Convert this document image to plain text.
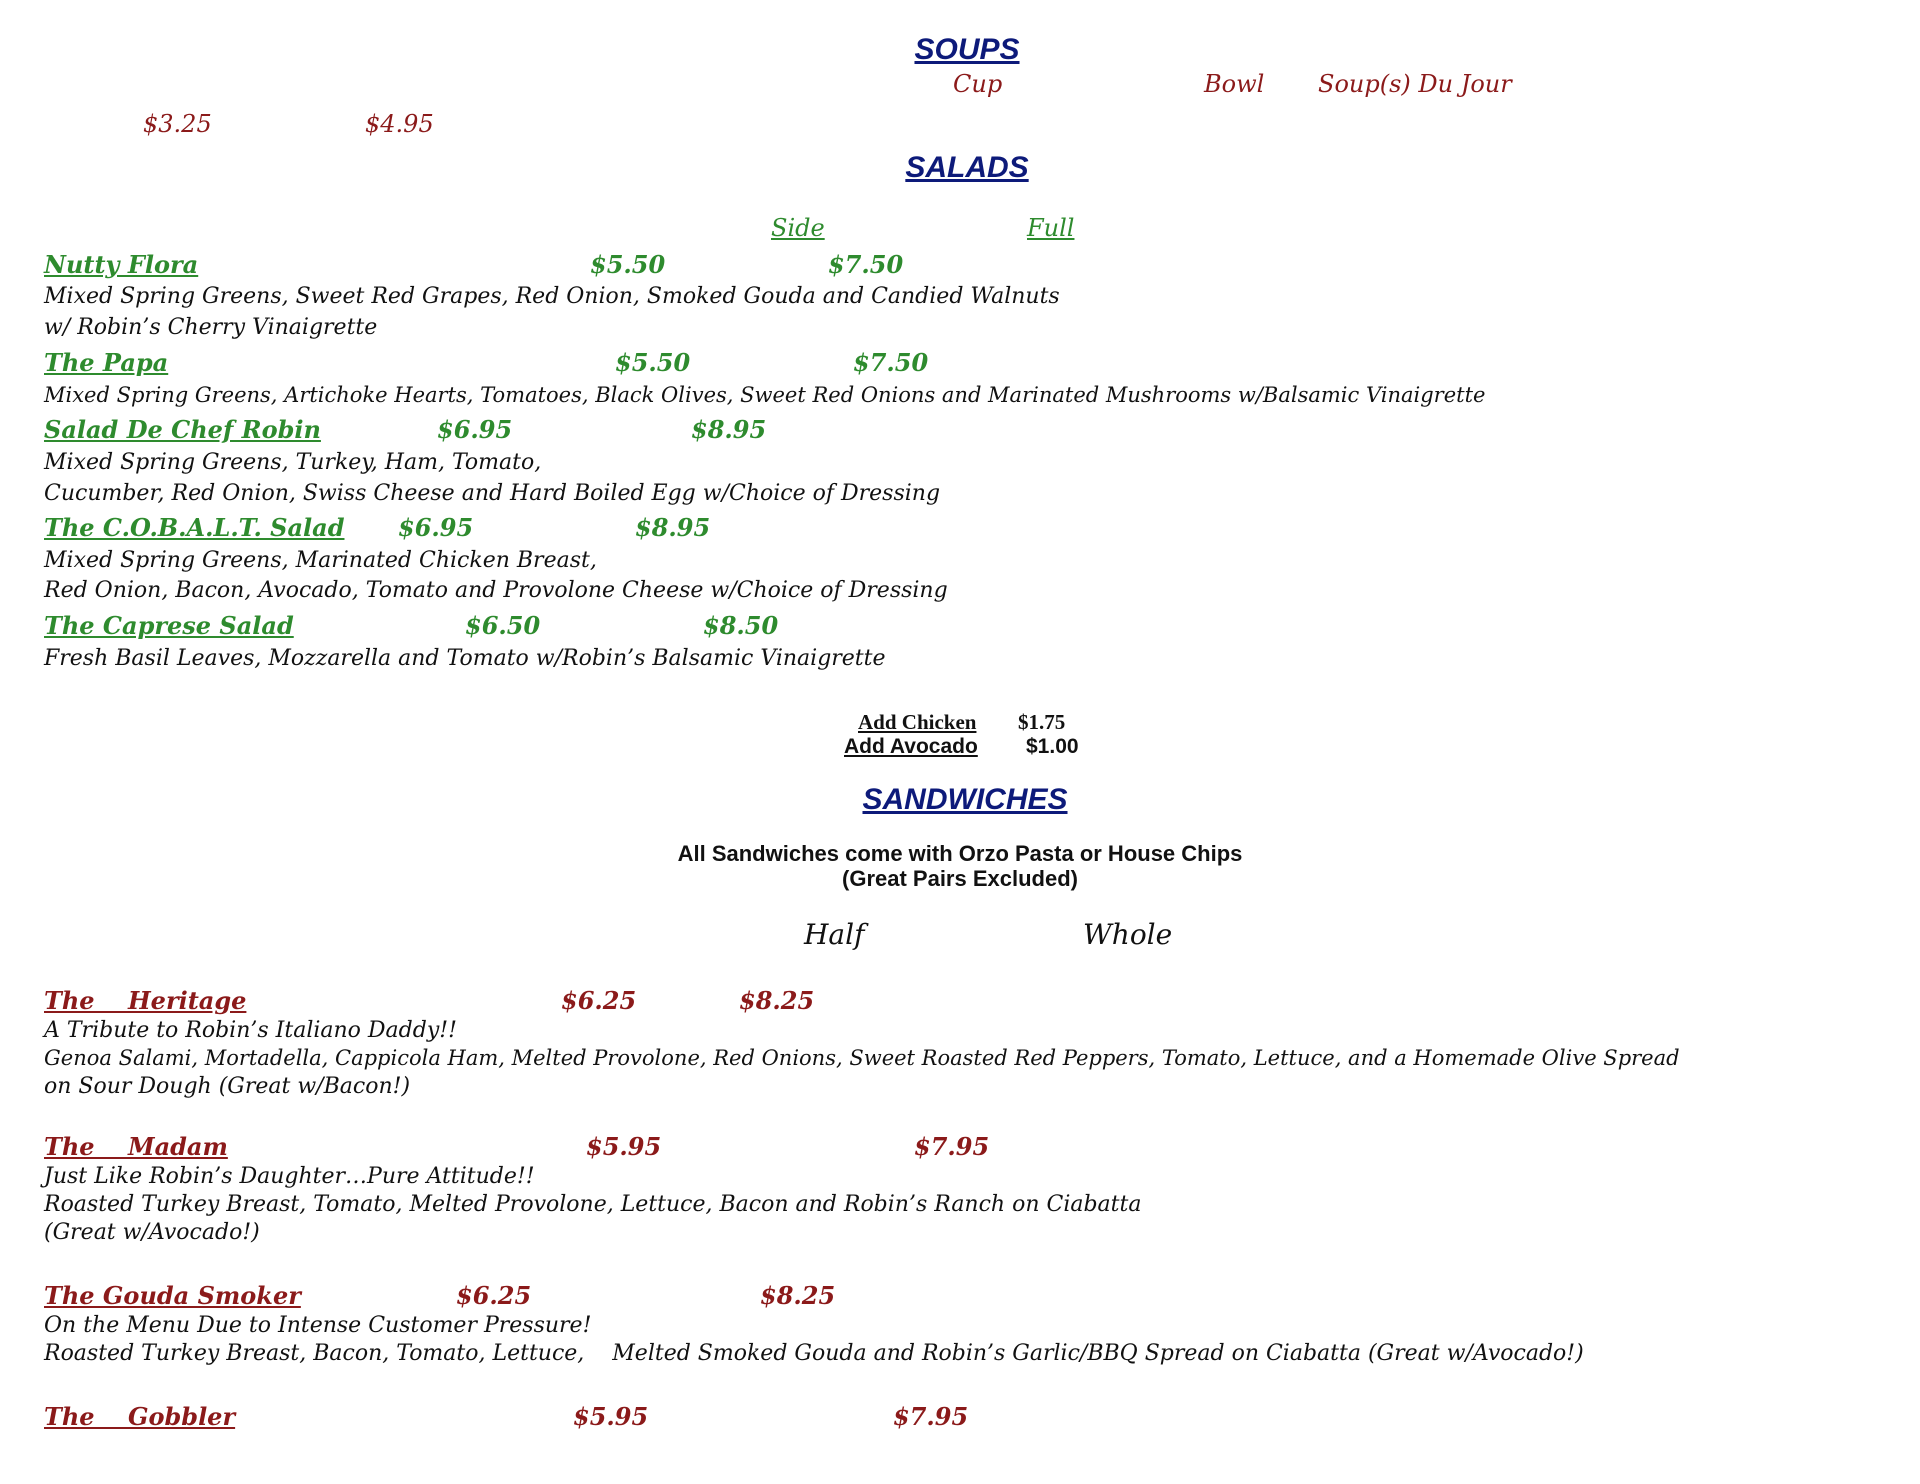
SOUPS
Cup	Bowl Soup(s) Du Jour
$3.25	$4.95
SALADS
Side	Full
Nutty Flora	$5.50	$7.50
Mixed Spring Greens, Sweet Red Grapes, Red Onion, Smoked Gouda and Candied Walnuts
w/ Robin’s Cherry Vinaigrette
The Papa	$5.50	$7.50
Mixed Spring Greens, Artichoke Hearts, Tomatoes, Black Olives, Sweet Red Onions and Marinated Mushrooms w/Balsamic Vinaigrette
Salad De Chef Robin	$6.95	$8.95
Mixed Spring Greens, Turkey, Ham, Tomato,
Cucumber, Red Onion, Swiss Cheese and Hard Boiled Egg w/Choice of Dressing
The C.O.B.A.L.T. Salad $6.95	$8.95
Mixed Spring Greens, Marinated Chicken Breast,
Red Onion, Bacon, Avocado, Tomato and Provolone Cheese w/Choice of Dressing
The Caprese Salad	$6.50	$8.50
Fresh Basil Leaves, Mozzarella and Tomato w/Robin’s Balsamic Vinaigrette
Add Chicken $1.75
Add Avocado $1.00
SANDWICHES
All Sandwiches come with Orzo Pasta or House Chips
(Great Pairs Excluded)
Half	Whole
The    Heritage	$6.25	$8.25
A Tribute to Robin’s Italiano Daddy!!
Genoa Salami, Mortadella, Cappicola Ham, Melted Provolone, Red Onions, Sweet Roasted Red Peppers, Tomato, Lettuce, and a Homemade Olive Spread
on Sour Dough (Great w/Bacon!)
The    Madam	$5.95	$7.95
Just Like Robin’s Daughter…Pure Attitude!!
Roasted Turkey Breast, Tomato, Melted Provolone, Lettuce, Bacon and Robin’s Ranch on Ciabatta
(Great w/Avocado!)
The Gouda Smoker	$6.25	$8.25
On the Menu Due to Intense Customer Pressure!
Roasted Turkey Breast, Bacon, Tomato, Lettuce,    Melted Smoked Gouda and Robin’s Garlic/BBQ Spread on Ciabatta (Great w/Avocado!)
The    Gobbler	$5.95	$7.95
